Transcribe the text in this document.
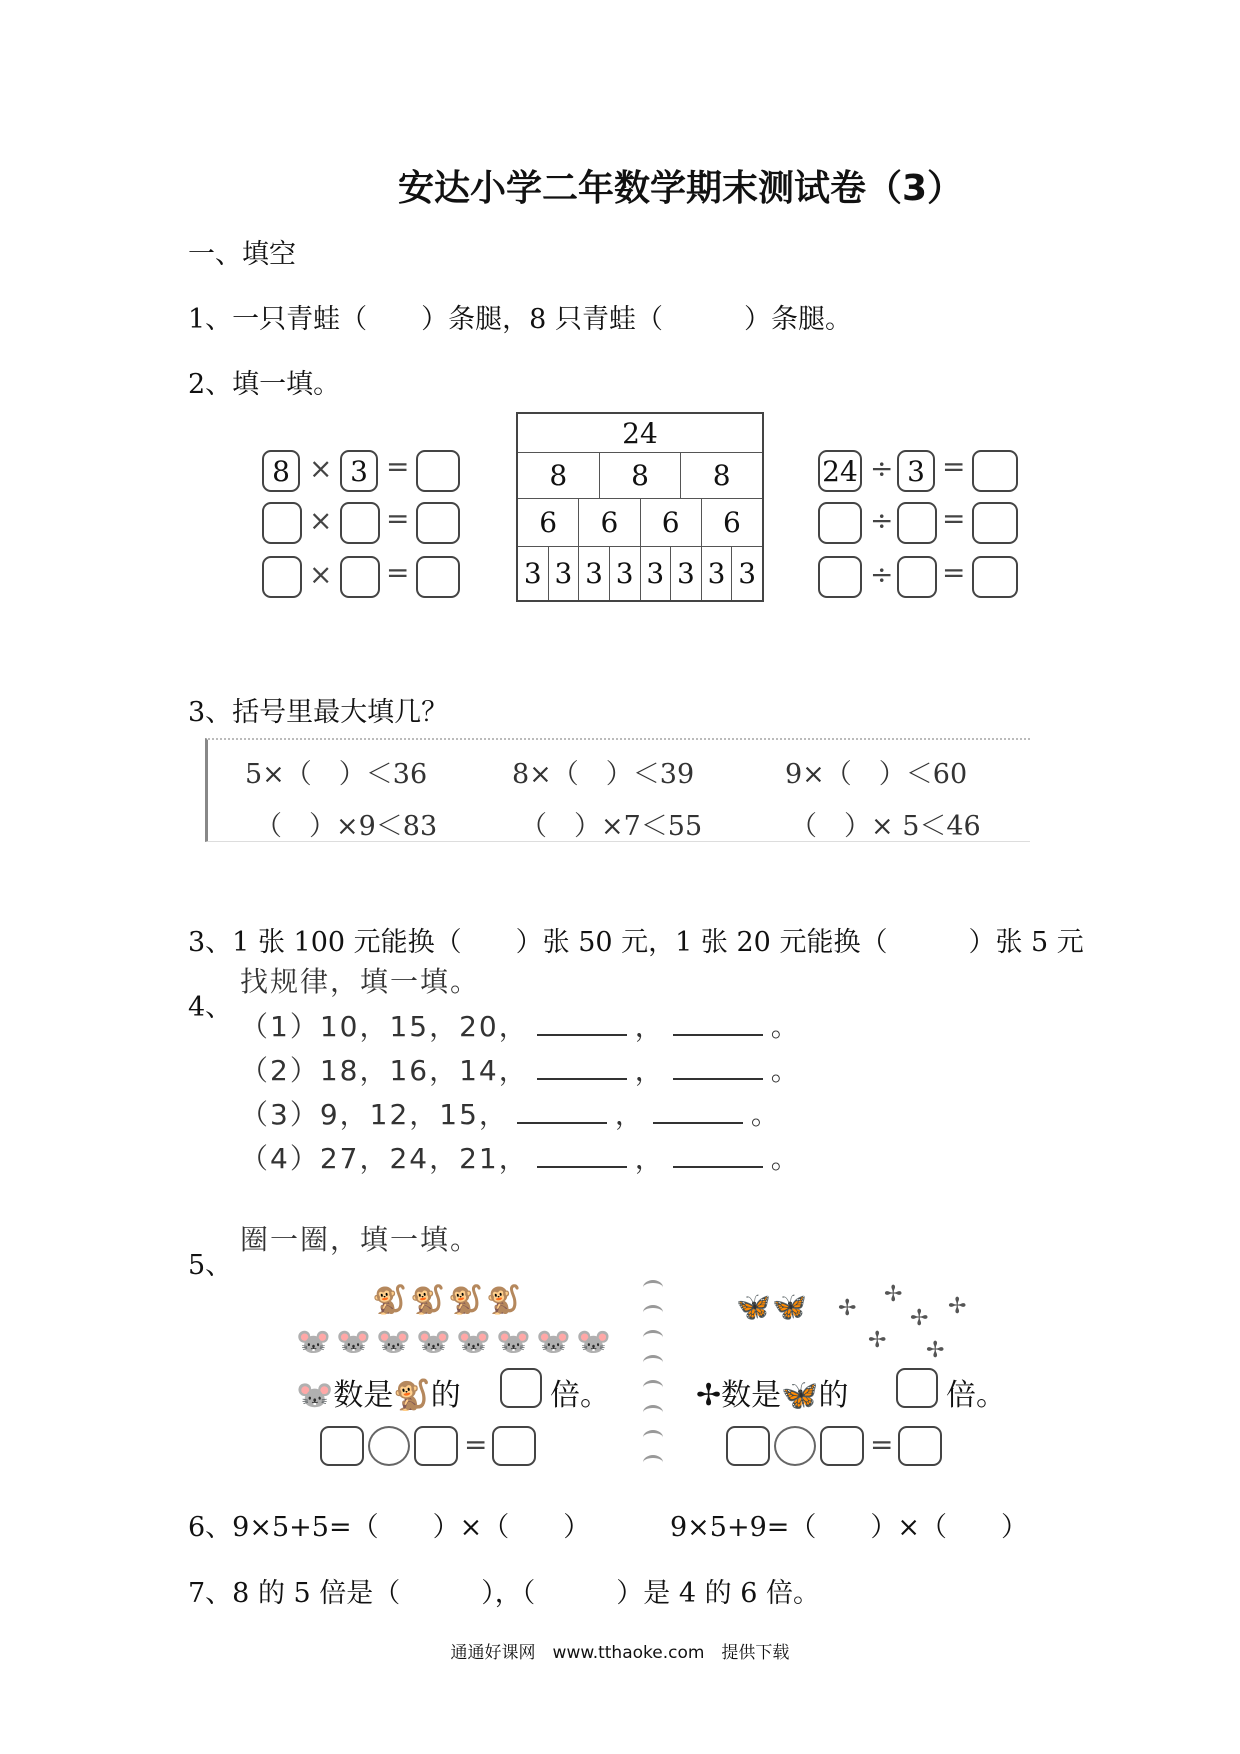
安达小学二年数学期末测试卷（3）
一、填空
1、一只青蛙（　　）条腿，8 只青蛙（　　　）条腿。
2、填一填。
8 × 3 =
× =
× =
24
8	8	8
6	6	6	6
3 3 3 3 3 3 3 3
24 ÷ 3 =
÷ =
÷ =
3、括号里最大填几？
5×（　）＜36	8×（　）＜39	9×（　）＜60
（　）×9＜83	（　）×7＜55	（　）× 5＜46
3、1 张 100 元能换（　　）张 50 元，1 张 20 元能换（　　　）张 5 元
4、
找规律，填一填。
（1）10，15，20，	，	。
（2）18，16，14，	，	。
（3）9，12，15，	，	。
（4）27，24，21，	，	。
5、
圈一圈，填一填。
🐒 🐒 🐒 🐒
🐭 🐭 🐭 🐭 🐭 🐭 🐭 🐭
🐭数是🐒的	倍。
=
🦋 🦋 ✢
✢
✢ ✢
✢ ✢
✢数是🦋的	倍。
=
6、9×5+5=（　　）×（　　）	9×5+9=（　　）×（　　）
7、8 的 5 倍是（　　　），（　　　）是 4 的 6 倍。
通通好课网　www.tthaoke.com　提供下载
